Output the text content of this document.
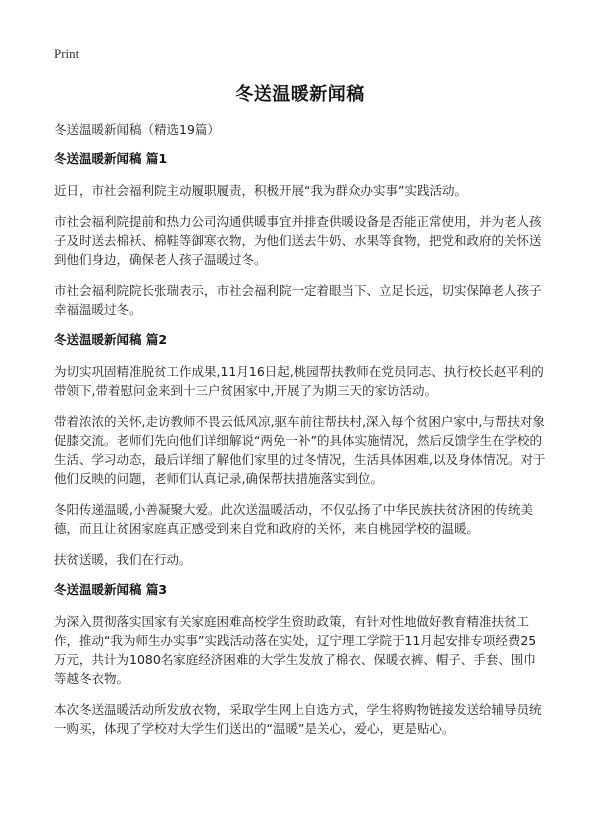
Print
冬送温暖新闻稿
冬送温暖新闻稿（精选19篇）
冬送温暖新闻稿 篇1

近日，市社会福利院主动履职履责，积极开展“我为群众办实事”实践活动。

市社会福利院提前和热力公司沟通供暖事宜并排查供暖设备是否能正常使用，并为老人孩子及时送去棉袄、棉鞋等御寒衣物，为他们送去牛奶、水果等食物，把党和政府的关怀送到他们身边，确保老人孩子温暖过冬。

市社会福利院院长张瑞表示，市社会福利院一定着眼当下、立足长远，切实保障老人孩子幸福温暖过冬。

冬送温暖新闻稿 篇2

为切实巩固精准脱贫工作成果,11月16日起,桃园帮扶教师在党员同志、执行校长赵平利的带领下,带着慰问金来到十三户贫困家中,开展了为期三天的家访活动。

带着浓浓的关怀,走访教师不畏云低风凉,驱车前往帮扶村,深入每个贫困户家中,与帮扶对象促膝交流。老师们先向他们详细解说“两免一补”的具体实施情况，然后反馈学生在学校的生活、学习动态，最后详细了解他们家里的过冬情况，生活具体困难,以及身体情况。对于他们反映的问题，老师们认真记录,确保帮扶措施落实到位。

冬阳传递温暖,小善凝聚大爱。此次送温暖活动，不仅弘扬了中华民族扶贫济困的传统美德，而且让贫困家庭真正感受到来自党和政府的关怀，来自桃园学校的温暖。

扶贫送暖，我们在行动。

冬送温暖新闻稿 篇3

为深入贯彻落实国家有关家庭困难高校学生资助政策，有针对性地做好教育精准扶贫工作，推动“我为师生办实事”实践活动落在实处，辽宁理工学院于11月起安排专项经费25万元，共计为1080名家庭经济困难的大学生发放了棉衣、保暖衣裤、帽子、手套、围巾等越冬衣物。

本次冬送温暖活动所发放衣物，采取学生网上自选方式，学生将购物链接发送给辅导员统一购买，体现了学校对大学生们送出的“温暖”是关心，爱心，更是贴心。
